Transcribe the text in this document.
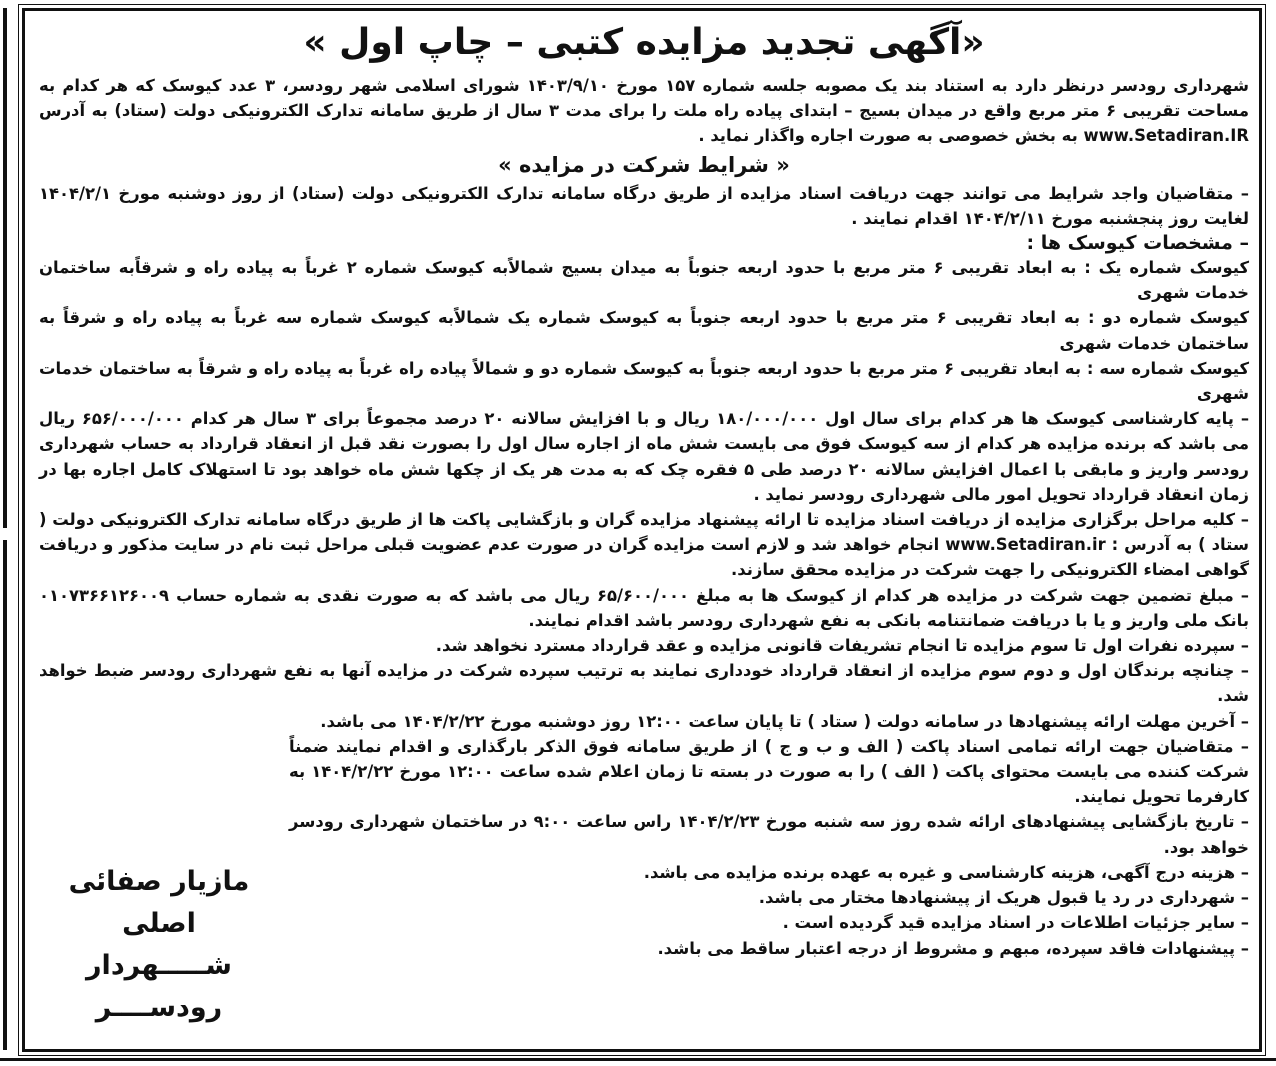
«آگهی تجدید مزایده کتبی – چاپ اول »

شهرداری رودسر درنظر دارد به استناد بند یک مصوبه جلسه شماره ۱۵۷ مورخ ۱۴۰۳/۹/۱۰ شورای اسلامی شهر رودسر، ۳ عدد کیوسک که هر کدام به مساحت تقریبی ۶ متر مربع واقع در میدان بسیج – ابتدای پیاده راه ملت را برای مدت ۳ سال از طریق سامانه تدارک الکترونیکی دولت (ستاد) به آدرس www.Setadiran.IR به بخش خصوصی به صورت اجاره واگذار نماید .

« شرایط شرکت در مزایده »

– متقاضیان واجد شرایط می توانند جهت دریافت اسناد مزایده از طریق درگاه سامانه تدارک الکترونیکی دولت (ستاد) از روز دوشنبه مورخ ۱۴۰۴/۲/۱ لغایت روز پنجشنبه مورخ ۱۴۰۴/۲/۱۱ اقدام نمایند .

– مشخصات کیوسک ها :

کیوسک شماره یک : به ابعاد تقریبی ۶ متر مربع با حدود اربعه جنوباً به میدان بسیج شمالاًبه کیوسک شماره ۲ غرباً به پیاده راه و شرقاًبه ساختمان خدمات شهری

کیوسک شماره دو : به ابعاد تقریبی ۶ متر مربع با حدود اربعه جنوباً به کیوسک شماره یک شمالاًبه کیوسک شماره سه غرباً به پیاده راه و شرقاً به ساختمان خدمات شهری

کیوسک شماره سه : به ابعاد تقریبی ۶ متر مربع با حدود اربعه جنوباً به کیوسک شماره دو و شمالاً پیاده راه غرباً به پیاده راه و شرقاً به ساختمان خدمات شهری

– پایه کارشناسی کیوسک ها هر کدام برای سال اول ۱۸۰/۰۰۰/۰۰۰ ریال و با افزایش سالانه ۲۰ درصد مجموعاً برای ۳ سال هر کدام ۶۵۶/۰۰۰/۰۰۰ ریال می باشد که برنده مزایده هر کدام از سه کیوسک فوق می بایست شش ماه از اجاره سال اول را بصورت نقد قبل از انعقاد قرارداد به حساب شهرداری رودسر واریز و مابقی با اعمال افزایش سالانه ۲۰ درصد طی ۵ فقره چک که به مدت هر یک از چکها شش ماه خواهد بود تا استهلاک کامل اجاره بها در زمان انعقاد قرارداد تحویل امور مالی شهرداری رودسر نماید .

– کلیه مراحل برگزاری مزایده از دریافت اسناد مزایده تا ارائه پیشنهاد مزایده گران و بازگشایی پاکت ها از طریق درگاه سامانه تدارک الکترونیکی دولت ( ستاد ) به آدرس : www.Setadiran.ir انجام خواهد شد و لازم است مزایده گران در صورت عدم عضویت قبلی مراحل ثبت نام در سایت مذکور و دریافت گواهی امضاء الکترونیکی را جهت شرکت در مزایده محقق سازند.

– مبلغ تضمین جهت شرکت در مزایده هر کدام از کیوسک ها به مبلغ ۶۵/۶۰۰/۰۰۰ ریال می باشد که به صورت نقدی به شماره حساب ۰۱۰۷۳۶۶۱۲۶۰۰۹ بانک ملی واریز و یا با دریافت ضمانتنامه بانکی به نفع شهرداری رودسر باشد اقدام نمایند.

– سپرده نفرات اول تا سوم مزایده تا انجام تشریفات قانونی مزایده و عقد قرارداد مسترد نخواهد شد.

– چنانچه برندگان اول و دوم سوم مزایده از انعقاد قرارداد خودداری نمایند به ترتیب سپرده شرکت در مزایده آنها به نفع شهرداری رودسر ضبط خواهد شد.

– آخرین مهلت ارائه پیشنهادها در سامانه دولت ( ستاد ) تا پایان ساعت ۱۲:۰۰ روز دوشنبه مورخ ۱۴۰۴/۲/۲۲ می باشد.

– متقاضیان جهت ارائه تمامی اسناد پاکت ( الف و ب و ج ) از طریق سامانه فوق الذکر بارگذاری و اقدام نمایند ضمناً شرکت کننده می بایست محتوای پاکت ( الف ) را به صورت در بسته تا زمان اعلام شده ساعت ۱۲:۰۰ مورخ ۱۴۰۴/۲/۲۲ به کارفرما تحویل نمایند.

– تاریخ بازگشایی پیشنهادهای ارائه شده روز سه شنبه مورخ ۱۴۰۴/۲/۲۳ راس ساعت ۹:۰۰ در ساختمان شهرداری رودسر خواهد بود.

– هزینه درج آگهی، هزینه کارشناسی و غیره به عهده برنده مزایده می باشد.

– شهرداری در رد یا قبول هریک از پیشنهادها مختار می باشد.

– سایر جزئیات اطلاعات در اسناد مزایده قید گردیده است .

– پیشنهادات فاقد سپرده، مبهم و مشروط از درجه اعتبار ساقط می باشد.

مازیار صفائی اصلی
شـــــهردار رودســــر
